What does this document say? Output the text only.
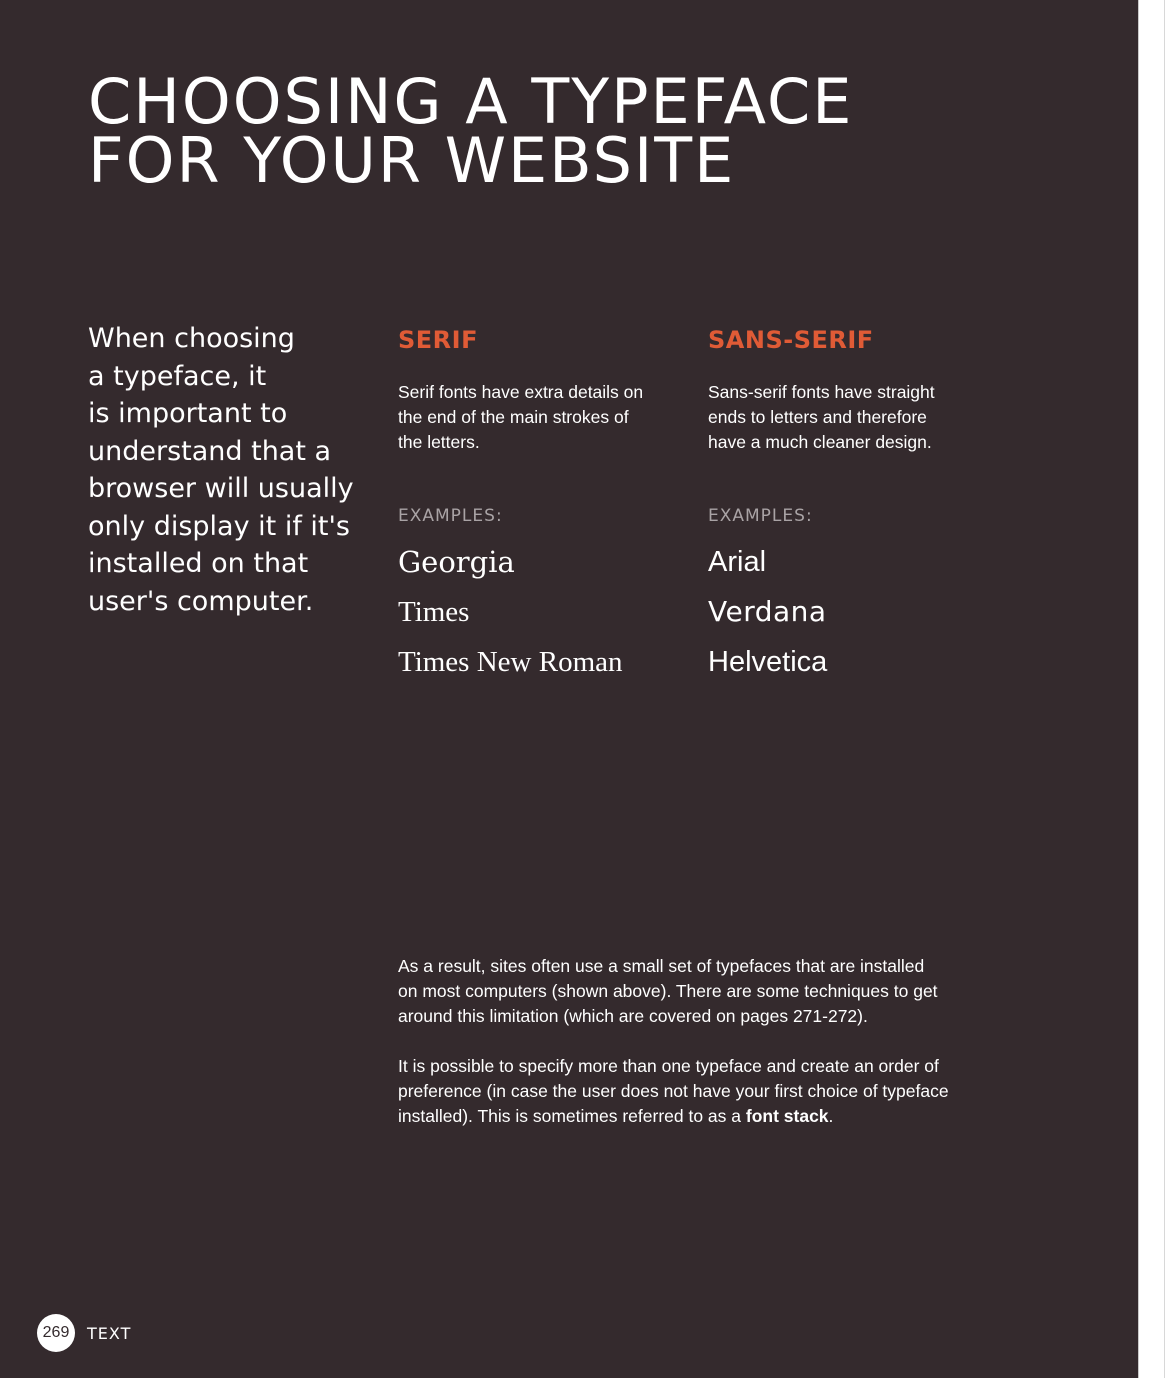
CHOOSING A TYPEFACE
FOR YOUR WEBSITE

When choosing
a typeface, it
is important to
understand that a
browser will usually
only display it if it's
installed on that
user's computer.

SERIF

Serif fonts have extra details on
the end of the main strokes of
the letters.

EXAMPLES:

Georgia
Times
Times New Roman
SANS-SERIF

Sans-serif fonts have straight
ends to letters and therefore
have a much cleaner design.

EXAMPLES:

Arial
Verdana
Helvetica

As a result, sites often use a small set of typefaces that are installed
on most computers (shown above). There are some techniques to get
around this limitation (which are covered on pages 271-272).

It is possible to specify more than one typeface and create an order of
preference (in case the user does not have your first choice of typeface
installed). This is sometimes referred to as a font stack.

269	TEXT
